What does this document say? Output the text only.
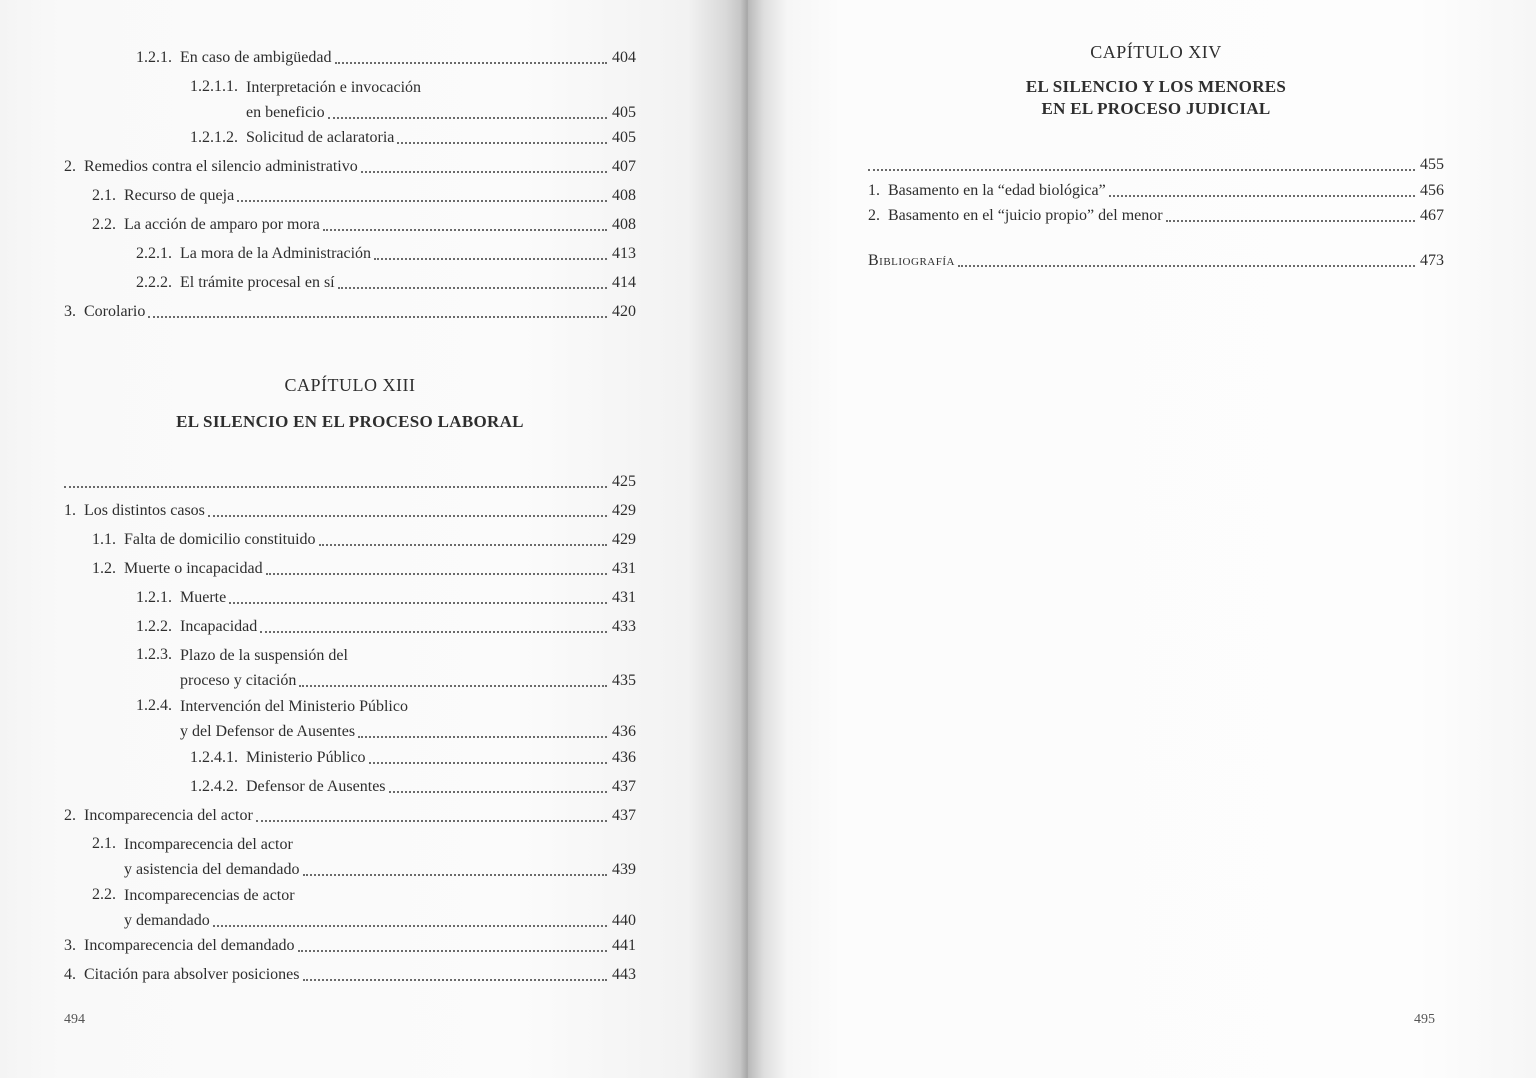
1.2.1. En caso de ambigüedad	404
1.2.1.1. Interpretación e invocación
en beneficio	405
1.2.1.2. Solicitud de aclaratoria	405
2. Remedios contra el silencio administrativo	407
2.1. Recurso de queja	408
2.2. La acción de amparo por mora	408
2.2.1. La mora de la Administración	413
2.2.2. El trámite procesal en sí	414
3. Corolario	420
CAPÍTULO XIII
EL SILENCIO EN EL PROCESO LABORAL
425
1. Los distintos casos	429
1.1. Falta de domicilio constituido	429
1.2. Muerte o incapacidad	431
1.2.1. Muerte	431
1.2.2. Incapacidad	433
1.2.3. Plazo de la suspensión del
proceso y citación	435
1.2.4. Intervención del Ministerio Público
y del Defensor de Ausentes	436
1.2.4.1. Ministerio Público	436
1.2.4.2. Defensor de Ausentes	437
2. Incomparecencia del actor	437
2.1. Incomparecencia del actor
y asistencia del demandado	439
2.2. Incomparecencias de actor
y demandado	440
3. Incomparecencia del demandado	441
4. Citación para absolver posiciones	443
494
CAPÍTULO XIV
EL SILENCIO Y LOS MENORES
EN EL PROCESO JUDICIAL
455
1. Basamento en la “edad biológica”	456
2. Basamento en el “juicio propio” del menor	467
Bibliografía	473
495
